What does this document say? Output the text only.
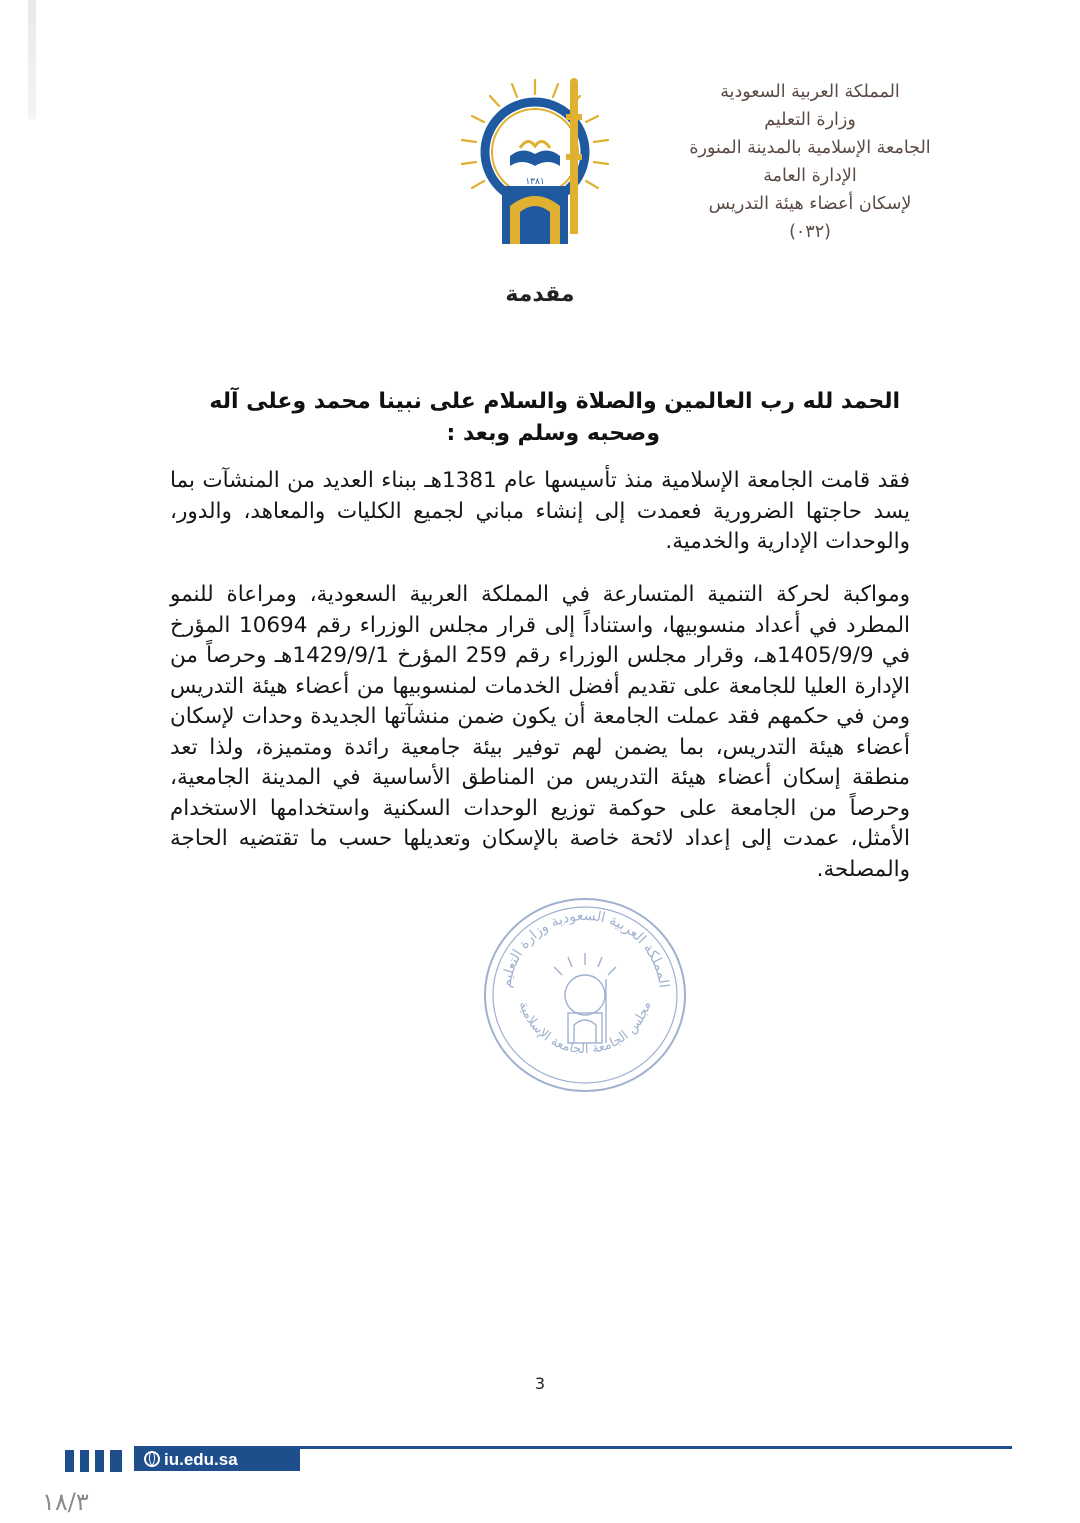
المملكة العربية السعودية
وزارة التعليم
الجامعة الإسلامية بالمدينة المنورة
الإدارة العامة
لإسكان أعضاء هيئة التدريس
(٠٣٢)
١٣٨١
مقدمة
الحمد لله رب العالمين والصلاة والسلام على نبينا محمد وعلى آله
وصحبه وسلم وبعد :
فقد قامت الجامعة الإسلامية منذ تأسيسها عام 1381هـ ببناء العديد من المنشآت بما يسد حاجتها الضرورية فعمدت إلى إنشاء مباني لجميع الكليات والمعاهد، والدور، والوحدات الإدارية والخدمية.
ومواكبة لحركة التنمية المتسارعة في المملكة العربية السعودية، ومراعاة للنمو المطرد في أعداد منسوبيها، واستناداً إلى قرار مجلس الوزراء رقم 10694 المؤرخ في 1405/9/9هـ، وقرار مجلس الوزراء رقم 259 المؤرخ 1429/9/1هـ وحرصاً من الإدارة العليا للجامعة على تقديم أفضل الخدمات لمنسوبيها من أعضاء هيئة التدريس ومن في حكمهم فقد عملت الجامعة أن يكون ضمن منشآتها الجديدة وحدات لإسكان أعضاء هيئة التدريس، بما يضمن لهم توفير بيئة جامعية رائدة ومتميزة، ولذا تعد منطقة إسكان أعضاء هيئة التدريس من المناطق الأساسية في المدينة الجامعية، وحرصاً من الجامعة على حوكمة توزيع الوحدات السكنية واستخدامها الاستخدام الأمثل، عمدت إلى إعداد لائحة خاصة بالإسكان وتعديلها حسب ما تقتضيه الحاجة والمصلحة.
المملكة العربية السعودية وزارة التعليم
مجلس الجامعة الجامعة الإسلامية
3
iu.edu.sa
١٨/٣
